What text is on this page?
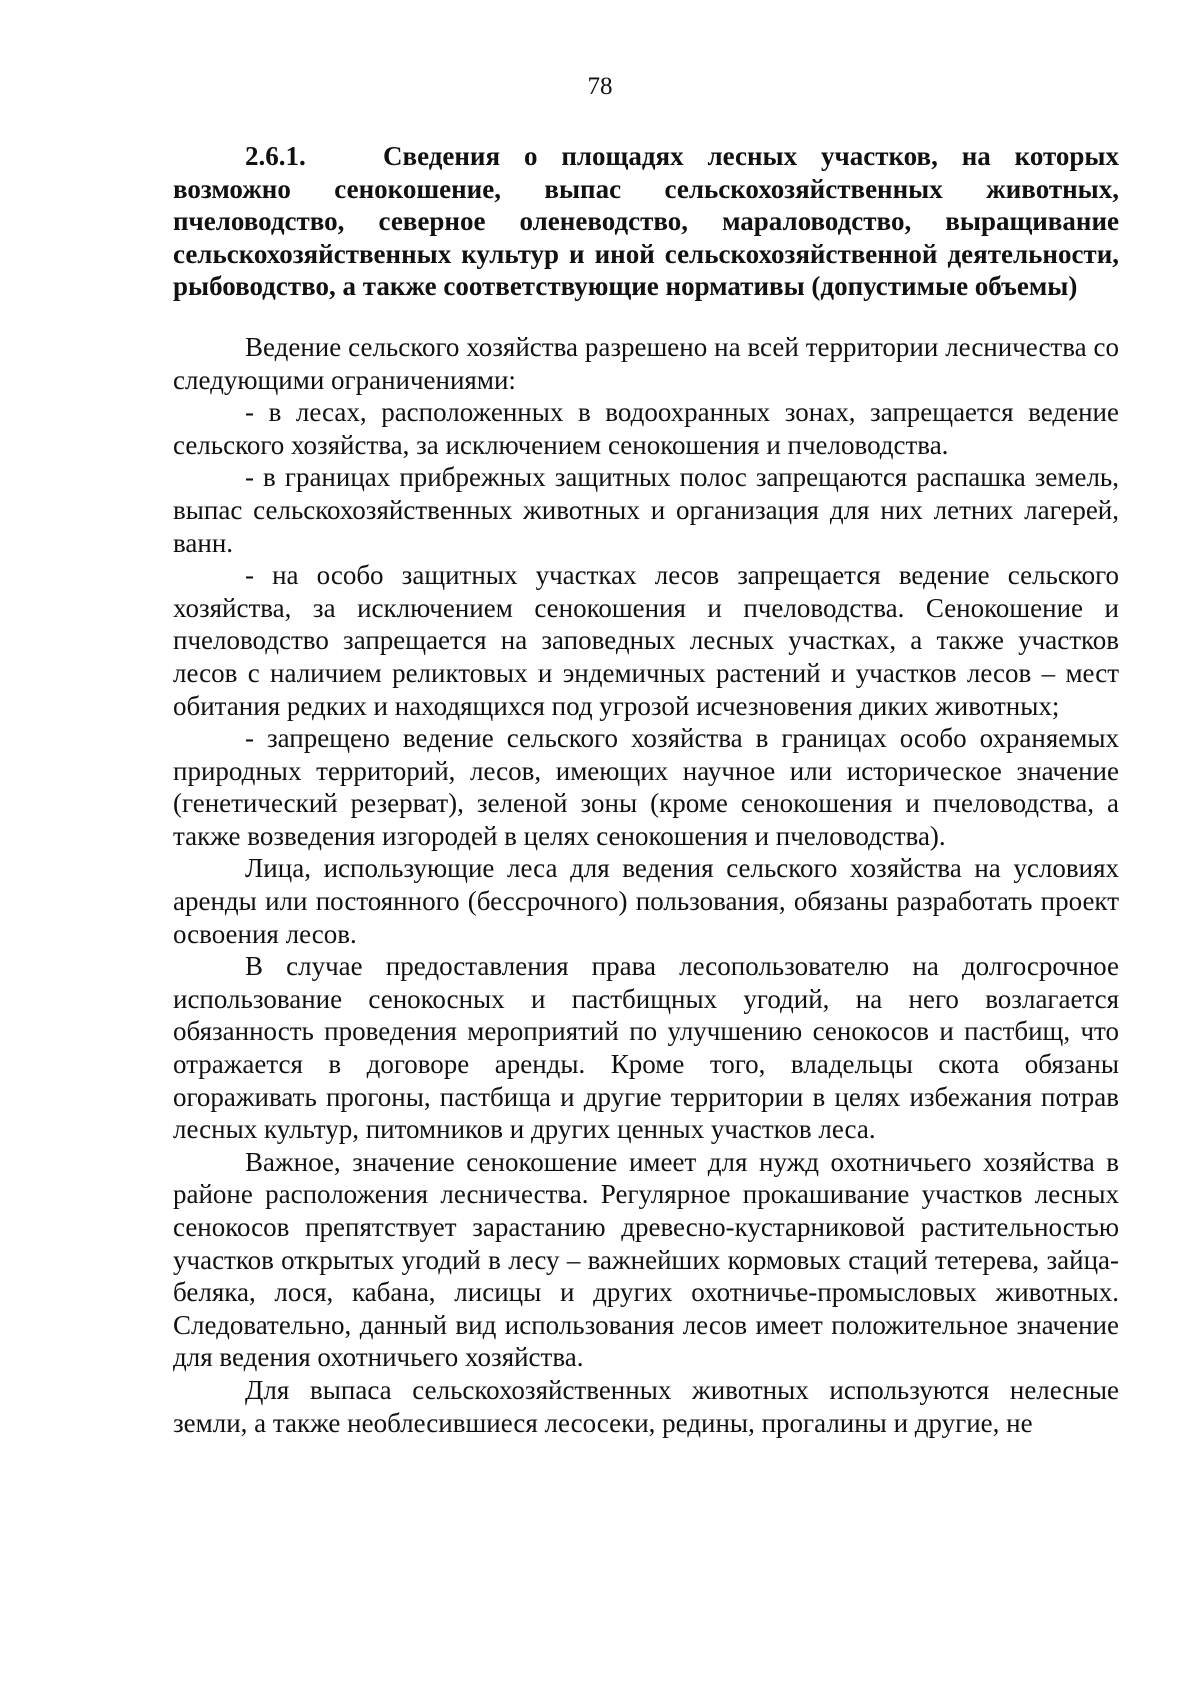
78

2.6.1.	Сведения о площадях лесных участков, на которых возможно сенокошение, выпас сельскохозяйственных животных, пчеловодство, северное оленеводство, мараловодство, выращивание сельскохозяйственных культур и иной сельскохозяйственной деятельности, рыбоводство, а также соответствующие нормативы (допустимые объемы)

Ведение сельского хозяйства разрешено на всей территории лесничества со следующими ограничениями:

- в лесах, расположенных в водоохранных зонах, запрещается ведение сельского хозяйства, за исключением сенокошения и пчеловодства.

- в границах прибрежных защитных полос запрещаются распашка земель, выпас сельскохозяйственных животных и организация для них летних лагерей, ванн.

- на особо защитных участках лесов запрещается ведение сельского хозяйства, за исключением сенокошения и пчеловодства. Сенокошение и пчеловодство запрещается на заповедных лесных участках, а также участков лесов с наличием реликтовых и эндемичных растений и участков лесов – мест обитания редких и находящихся под угрозой исчезновения диких животных;

- запрещено ведение сельского хозяйства в границах особо охраняемых природных территорий, лесов, имеющих научное или историческое значение (генетический резерват), зеленой зоны (кроме сенокошения и пчеловодства, а также возведения изгородей в целях сенокошения и пчеловодства).

Лица, использующие леса для ведения сельского хозяйства на условиях аренды или постоянного (бессрочного) пользования, обязаны разработать проект освоения лесов.

В случае предоставления права лесопользователю на долгосрочное использование сенокосных и пастбищных угодий, на него возлагается обязанность проведения мероприятий по улучшению сенокосов и пастбищ, что отражается в договоре аренды. Кроме того, владельцы скота обязаны огораживать прогоны, пастбища и другие территории в целях избежания потрав лесных культур, питомников и других ценных участков леса.

Важное, значение сенокошение имеет для нужд охотничьего хозяйства в районе расположения лесничества. Регулярное прокашивание участков лесных сенокосов препятствует зарастанию древесно-кустарниковой растительностью участков открытых угодий в лесу – важнейших кормовых стаций тетерева, зайца-беляка, лося, кабана, лисицы и других охотничье-промысловых животных. Следовательно, данный вид использования лесов имеет положительное значение для ведения охотничьего хозяйства.

Для выпаса сельскохозяйственных животных используются нелесные земли, а также необлесившиеся лесосеки, редины, прогалины и другие, не
